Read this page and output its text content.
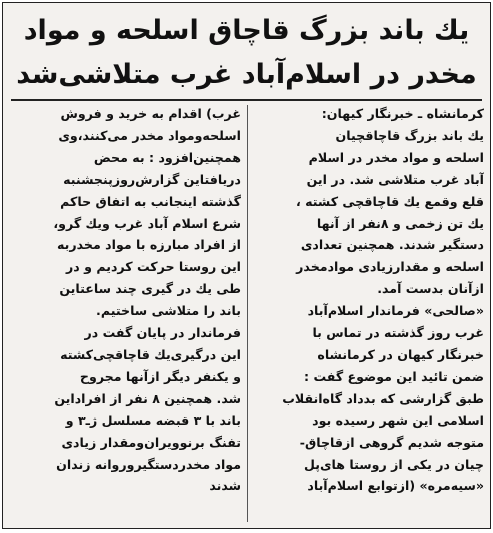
یك باند بزرگ قاچاق اسلحه و مواد
مخدر در اسلام‌آباد غرب متلاشی‌شد
كرمانشاه ـ خبرنگار كیهان:
یك باند بزرگ قاچاقچیان
اسلحه و مواد مخدر در اسلام
آباد غرب متلاشی شد. در این
قلع وقمع یك قاچاقچی كشته ،
یك تن زخمی و ۸نفر از آنها
دستگیر شدند. همچنین تعدادی
اسلحه و مقدارزیادی موادمخدر
ازآنان بدست آمد.
«صالحی» فرماندار اسلام‌آباد
غرب روز گذشته در تماس با
خبرنگار كیهان در كرمانشاه
ضمن تائید این موضوع گفت :
طبق گزارشی كه بدداد گاه‌انقلاب
اسلامی این شهر رسیده بود
متوجه شدیم گروهی ازقاچاق-
چیان در یكی از روستا های‌پل
«سیه‌مره» (ازتوابع اسلام‌آباد
غرب) اقدام به خرید و فروش
اسلحه‌ومواد مخدر می‌كنند،وی
همچنین‌افزود : به محض
دریافتاین گزارش‌روزپنجشنبه
گذشته اینجانب به اتفاق حاكم
شرع اسلام آباد غرب ویك گرو،
از افراد مبارزه با مواد مخدربه
این روستا حركت كردیم و در
طی یك در گیری چند ساعتاین
باند را متلاشی ساختیم.
فرماندار در پایان گفت در
این درگیری‌یك قاچاقچی‌كشته
و یكنفر دیگر ازآنها مجروح
شد. همچنین ۸ نفر از افراداین
باند با ۳ قبضه مسلسل ژ‌ـ۳ و
تفنگ برنوویران‌ومقدار زیادی
مواد مخدردستگیروروانه زندان
شدند
